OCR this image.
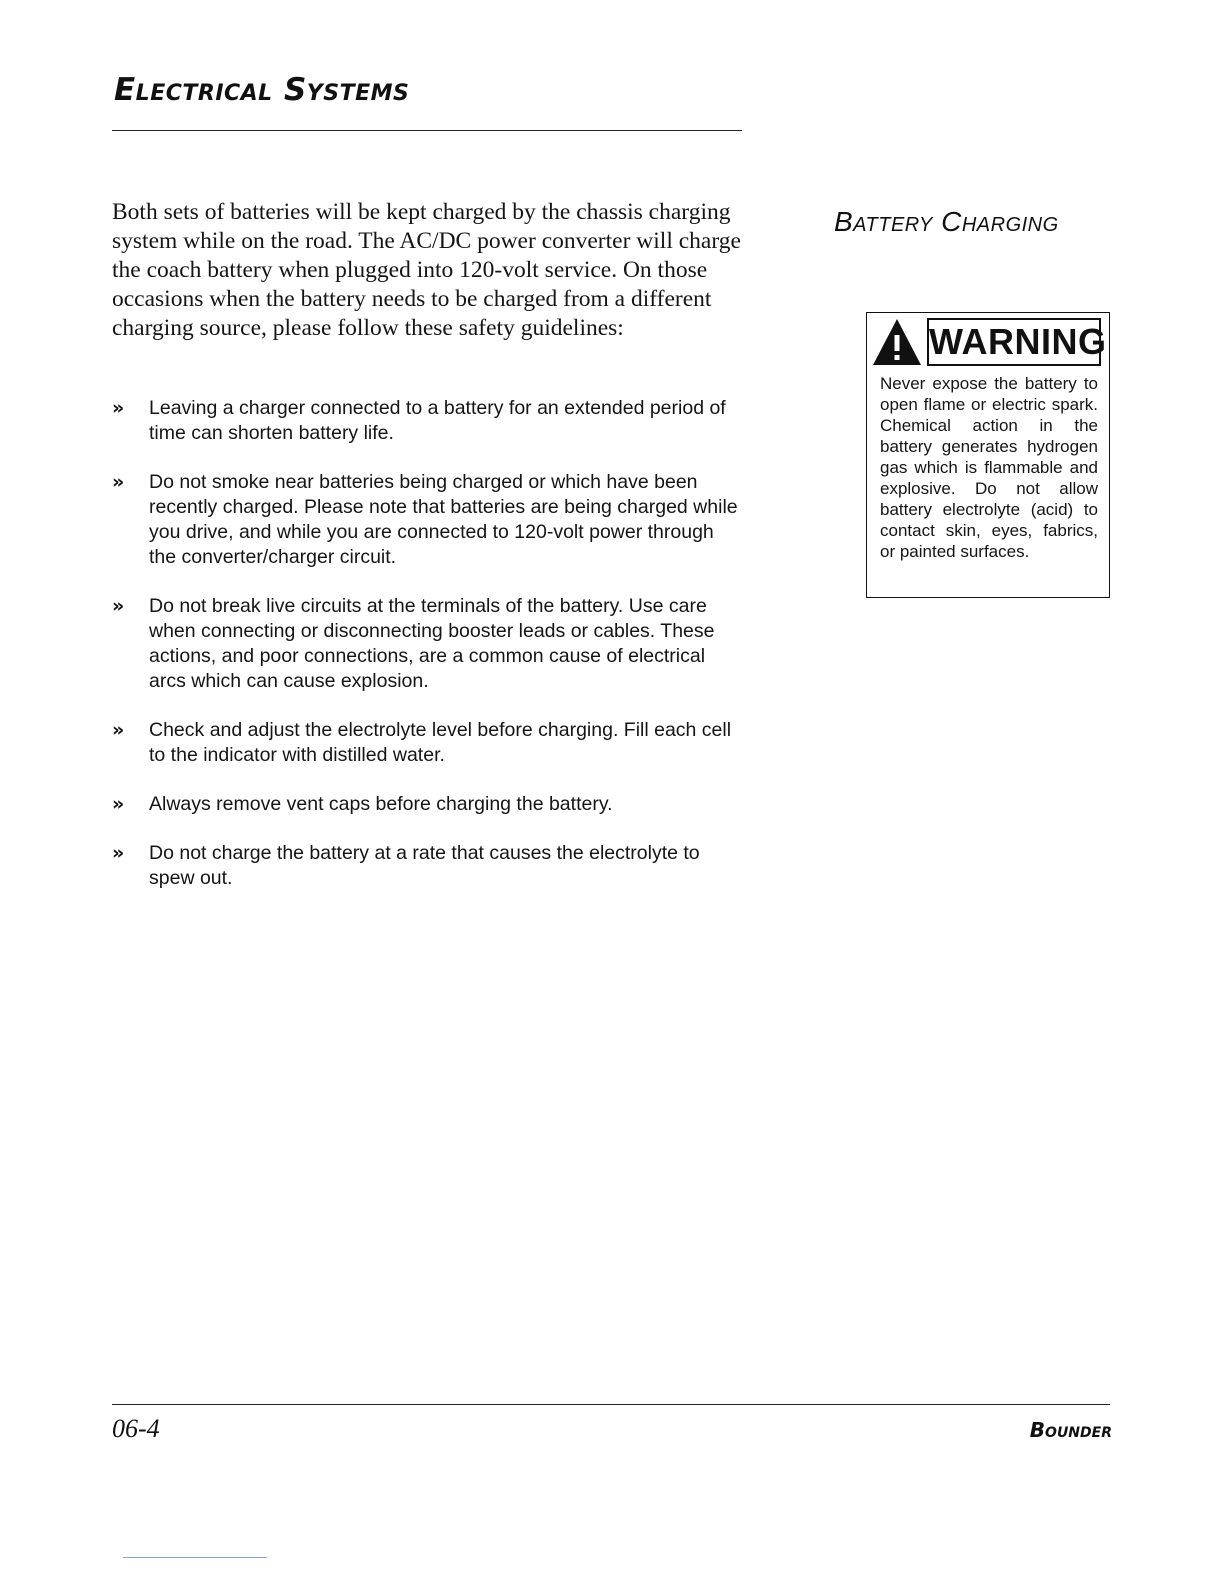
Electrical Systems
Battery Charging
Both sets of batteries will be kept charged by the chassis charging system while on the road. The AC/DC power converter will charge the coach battery when plugged into 120-volt service. On those occasions when the battery needs to be charged from a different charging source, please follow these safety guidelines:
» Leaving a charger connected to a battery for an extended period of time can shorten battery life.
» Do not smoke near batteries being charged or which have been recently charged. Please note that batteries are being charged while you drive, and while you are connected to 120-volt power through the converter/charger circuit.
» Do not break live circuits at the terminals of the battery. Use care when connecting or disconnecting booster leads or cables. These actions, and poor connections, are a common cause of electrical arcs which can cause explosion.
» Check and adjust the electrolyte level before charging. Fill each cell to the indicator with distilled water.
» Always remove vent caps before charging the battery.
» Do not charge the battery at a rate that causes the electrolyte to spew out.
WARNING
Never expose the battery to open flame or electric spark. Chemical action in the battery generates hydrogen gas which is flammable and explosive. Do not allow battery electrolyte (acid) to contact skin, eyes, fabrics, or painted surfaces.
06-4	Bounder
